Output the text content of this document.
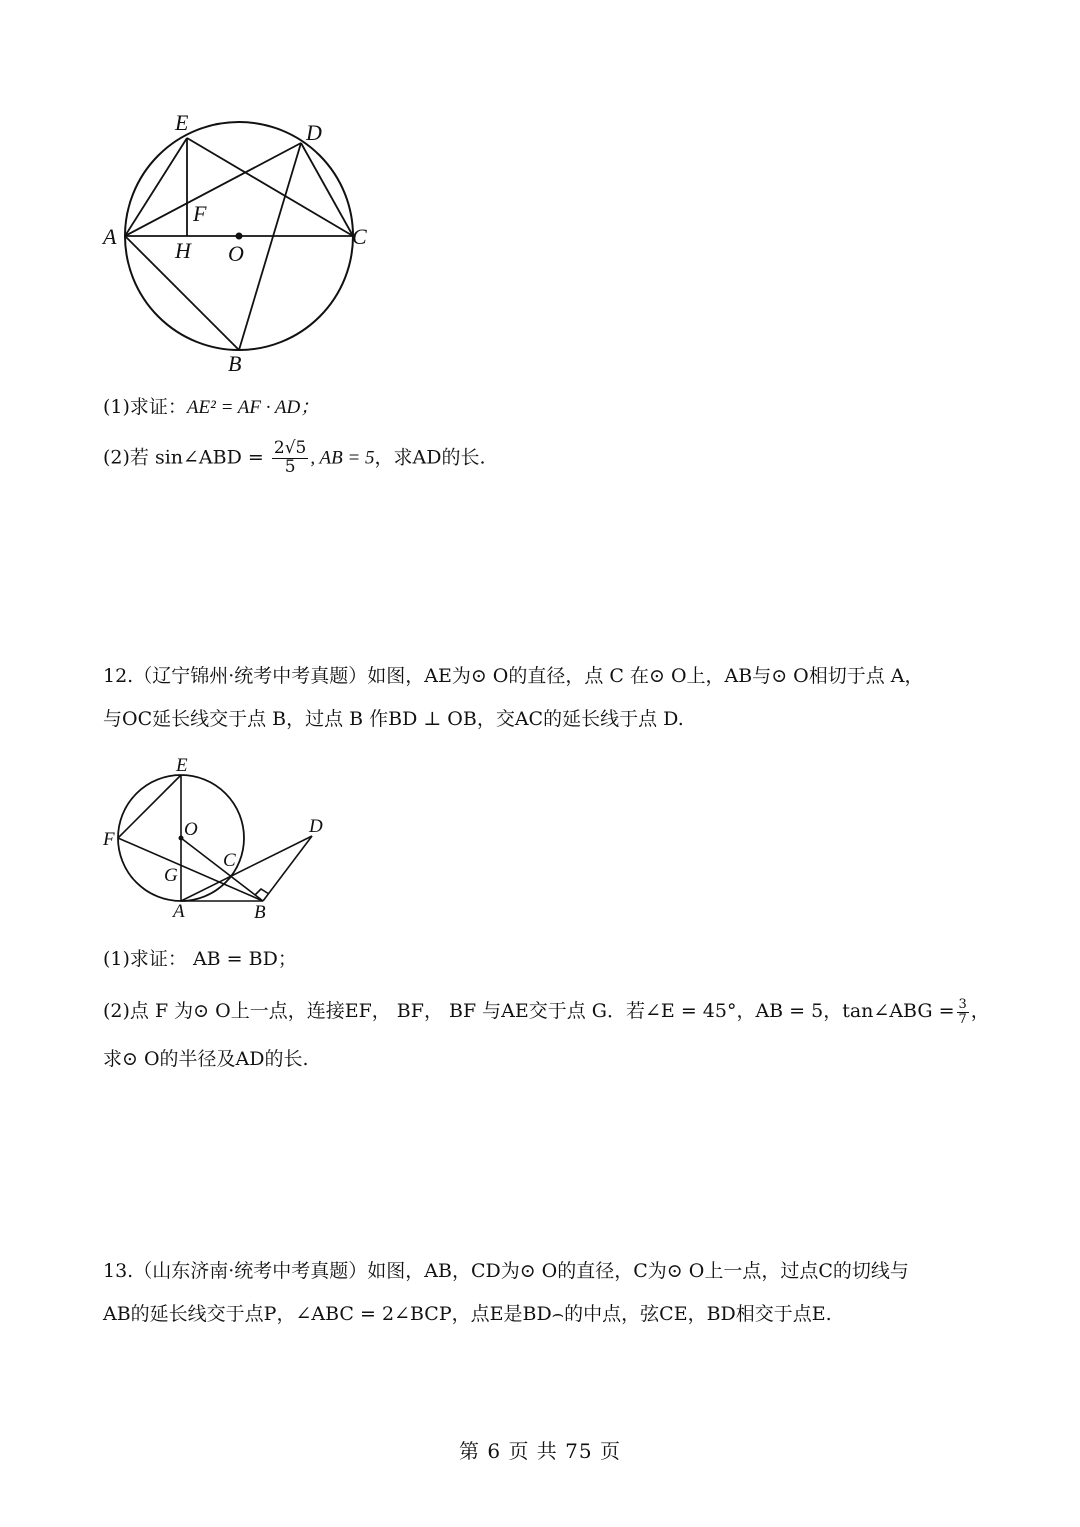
E	D
F
A
H O
C
B
(1)求证：AE² = AF · AD；
(2)若 sin∠ABD = $\frac{2√5}{5}$ , AB = 5，求AD的长.
12.（辽宁锦州·统考中考真题）如图，AE为⊙ O的直径，点 C 在⊙ O上，AB与⊙ O相切于点 A，
与OC延长线交于点 B，过点 B 作BD ⊥ OB，交AC的延长线于点 D.
E
O	D
F
C
G
A	B
(1)求证： AB = BD；
(2)点 F 为⊙ O上一点，连接EF， BF， BF 与AE交于点 G．若∠E = 45°，AB = 5，tan∠ABG = $\frac{3}{7}$ ，
求⊙ O的半径及AD的长.
13.（山东济南·统考中考真题）如图，AB，CD为⊙ O的直径，C为⊙ O上一点，过点C的切线与
AB的延长线交于点P，∠ABC = 2∠BCP，点E是BD⌢的中点，弦CE，BD相交于点E.
第 6 页 共 75 页
